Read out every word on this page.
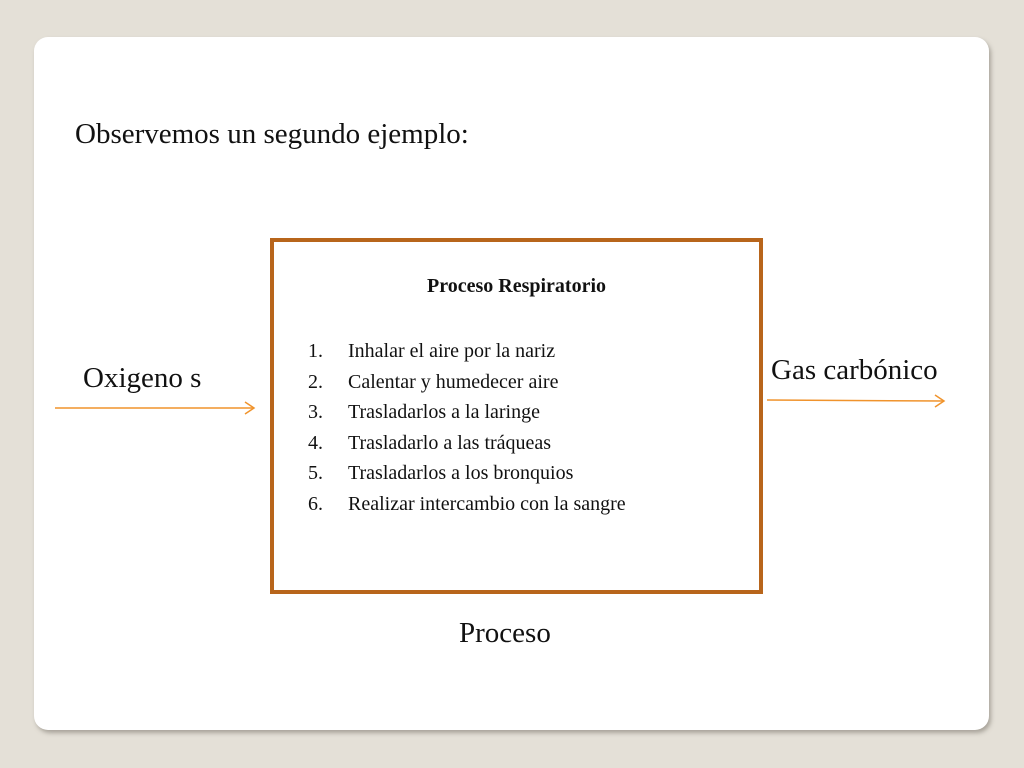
Observemos un segundo ejemplo:
Oxigeno s
Proceso Respiratorio
1.	Inhalar el aire por la nariz
2.	Calentar y humedecer aire
3.	Trasladarlos a la laringe
4.	Trasladarlo a las tráqueas
5.	Trasladarlos a los bronquios
6.	Realizar intercambio con la sangre
Gas carbónico
Proceso
